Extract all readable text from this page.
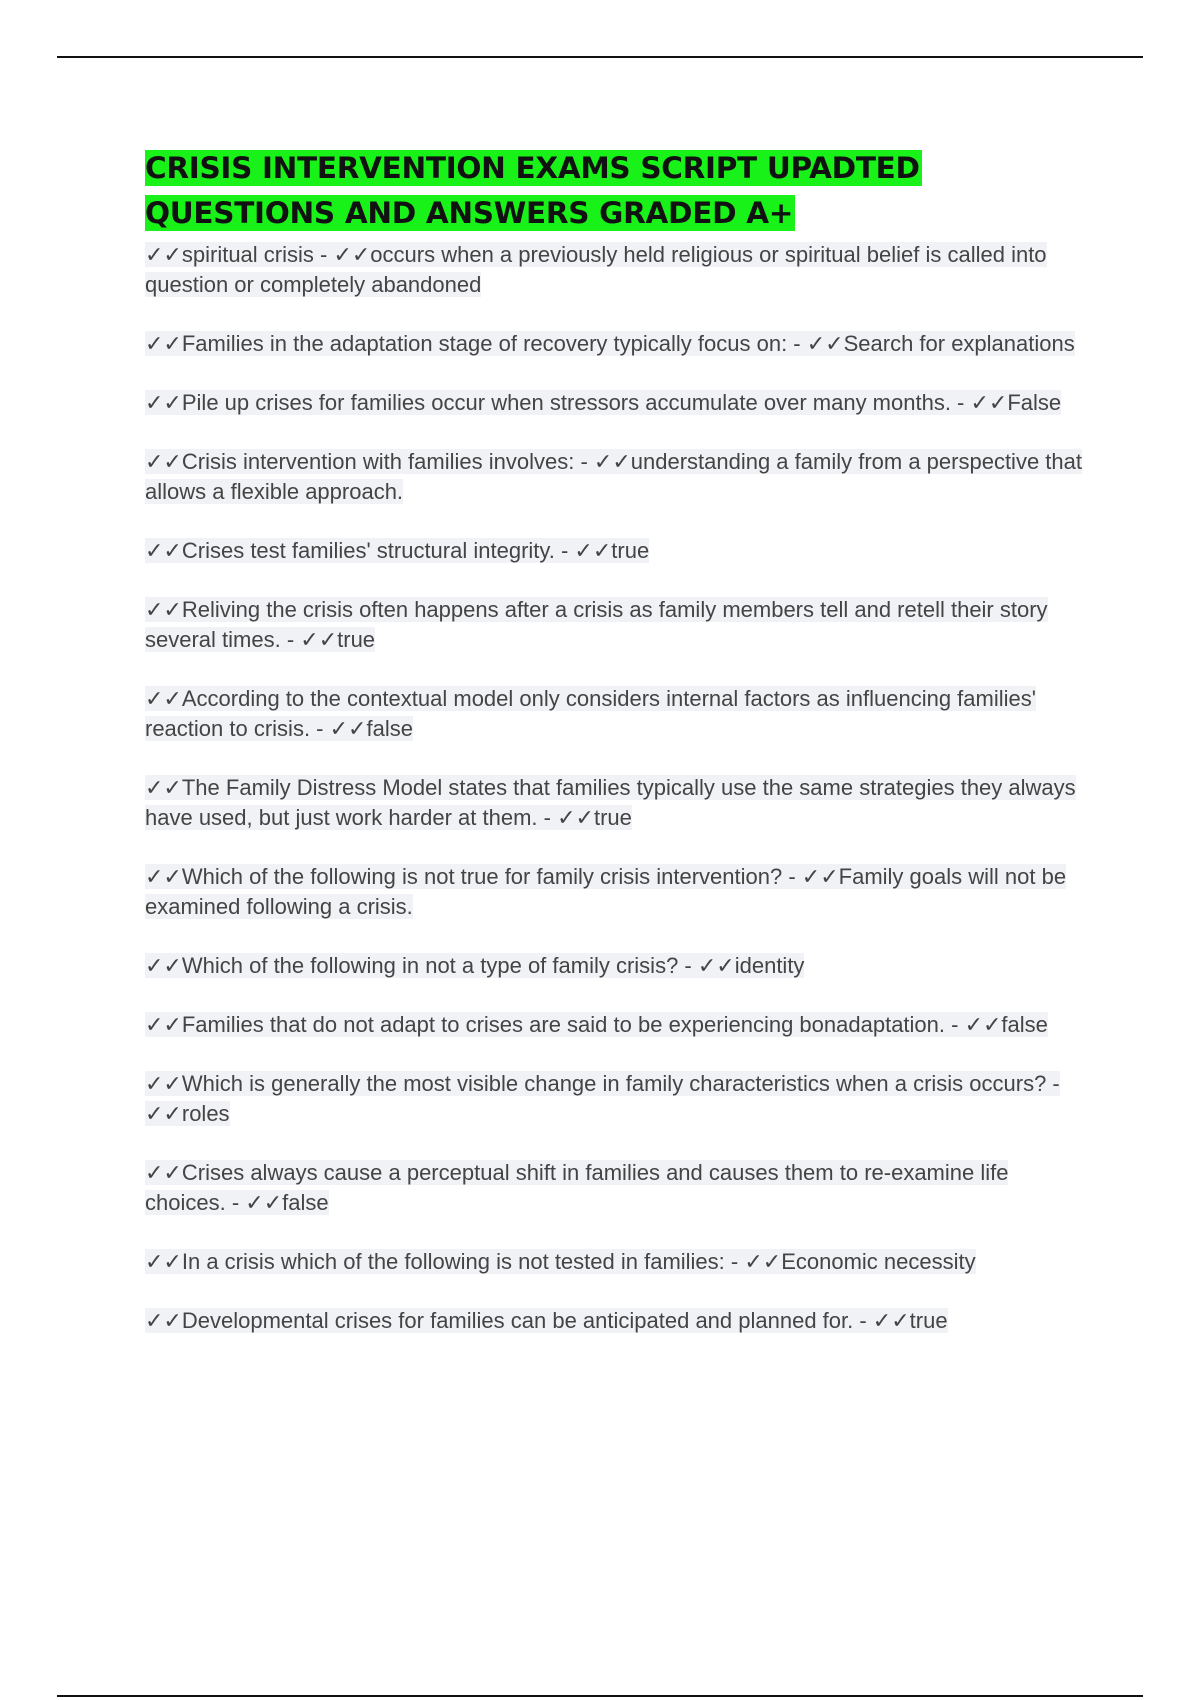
CRISIS INTERVENTION EXAMS SCRIPT UPADTED QUESTIONS AND ANSWERS GRADED A+
✓✓spiritual crisis - ✓✓occurs when a previously held religious or spiritual belief is called into question or completely abandoned
✓✓Families in the adaptation stage of recovery typically focus on: - ✓✓Search for explanations
✓✓Pile up crises for families occur when stressors accumulate over many months. - ✓✓False
✓✓Crisis intervention with families involves: - ✓✓understanding a family from a perspective that allows a flexible approach.
✓✓Crises test families' structural integrity. - ✓✓true
✓✓Reliving the crisis often happens after a crisis as family members tell and retell their story several times. - ✓✓true
✓✓According to the contextual model only considers internal factors as influencing families' reaction to crisis. - ✓✓false
✓✓The Family Distress Model states that families typically use the same strategies they always have used, but just work harder at them. - ✓✓true
✓✓Which of the following is not true for family crisis intervention? - ✓✓Family goals will not be examined following a crisis.
✓✓Which of the following in not a type of family crisis? - ✓✓identity
✓✓Families that do not adapt to crises are said to be experiencing bonadaptation. - ✓✓false
✓✓Which is generally the most visible change in family characteristics when a crisis occurs? - ✓✓roles
✓✓Crises always cause a perceptual shift in families and causes them to re-examine life choices. - ✓✓false
✓✓In a crisis which of the following is not tested in families: - ✓✓Economic necessity
✓✓Developmental crises for families can be anticipated and planned for. - ✓✓true
